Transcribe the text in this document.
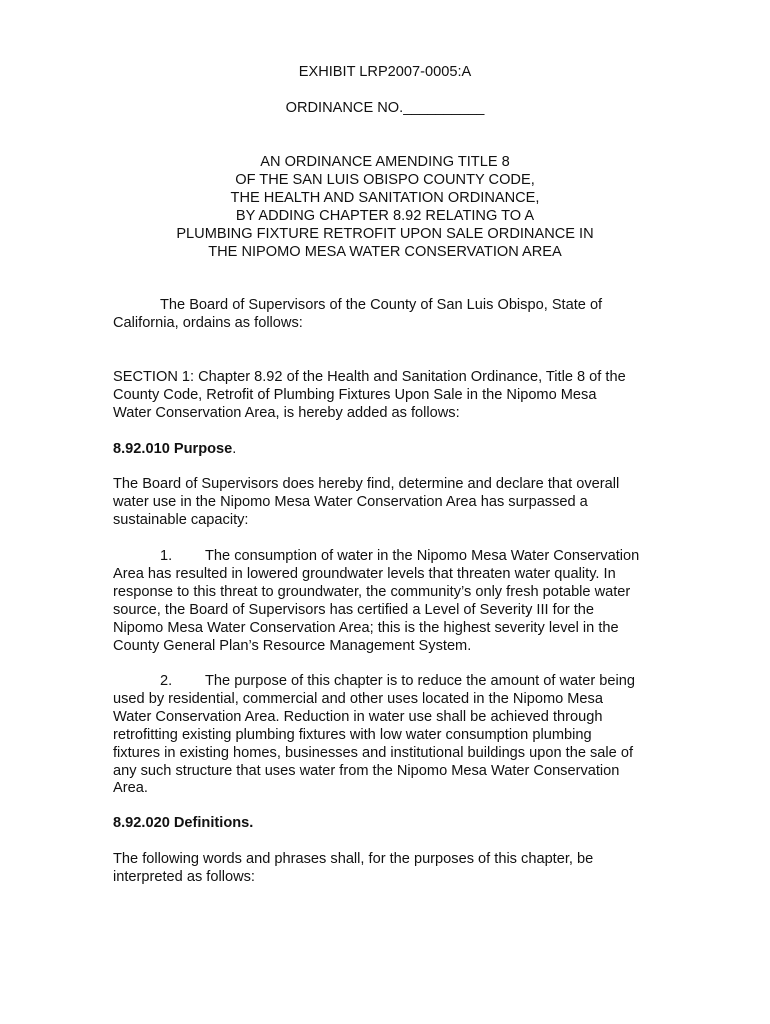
EXHIBIT LRP2007-0005:A
ORDINANCE NO.__________
AN ORDINANCE AMENDING TITLE 8
OF THE SAN LUIS OBISPO COUNTY CODE,
THE HEALTH AND SANITATION ORDINANCE,
BY ADDING CHAPTER 8.92 RELATING TO A
PLUMBING FIXTURE RETROFIT UPON SALE ORDINANCE IN
THE NIPOMO MESA WATER CONSERVATION AREA
The Board of Supervisors of the County of San Luis Obispo, State of
California, ordains as follows:
SECTION 1: Chapter 8.92 of the Health and Sanitation Ordinance, Title 8 of the
County Code, Retrofit of Plumbing Fixtures Upon Sale in the Nipomo Mesa
Water Conservation Area, is hereby added as follows:
8.92.010 Purpose.
The Board of Supervisors does hereby find, determine and declare that overall
water use in the Nipomo Mesa Water Conservation Area has surpassed a
sustainable capacity:
1. The consumption of water in the Nipomo Mesa Water Conservation
Area has resulted in lowered groundwater levels that threaten water quality. In
response to this threat to groundwater, the community’s only fresh potable water
source, the Board of Supervisors has certified a Level of Severity III for the
Nipomo Mesa Water Conservation Area; this is the highest severity level in the
County General Plan’s Resource Management System.
2. The purpose of this chapter is to reduce the amount of water being
used by residential, commercial and other uses located in the Nipomo Mesa
Water Conservation Area. Reduction in water use shall be achieved through
retrofitting existing plumbing fixtures with low water consumption plumbing
fixtures in existing homes, businesses and institutional buildings upon the sale of
any such structure that uses water from the Nipomo Mesa Water Conservation
Area.
8.92.020 Definitions.
The following words and phrases shall, for the purposes of this chapter, be
interpreted as follows:
